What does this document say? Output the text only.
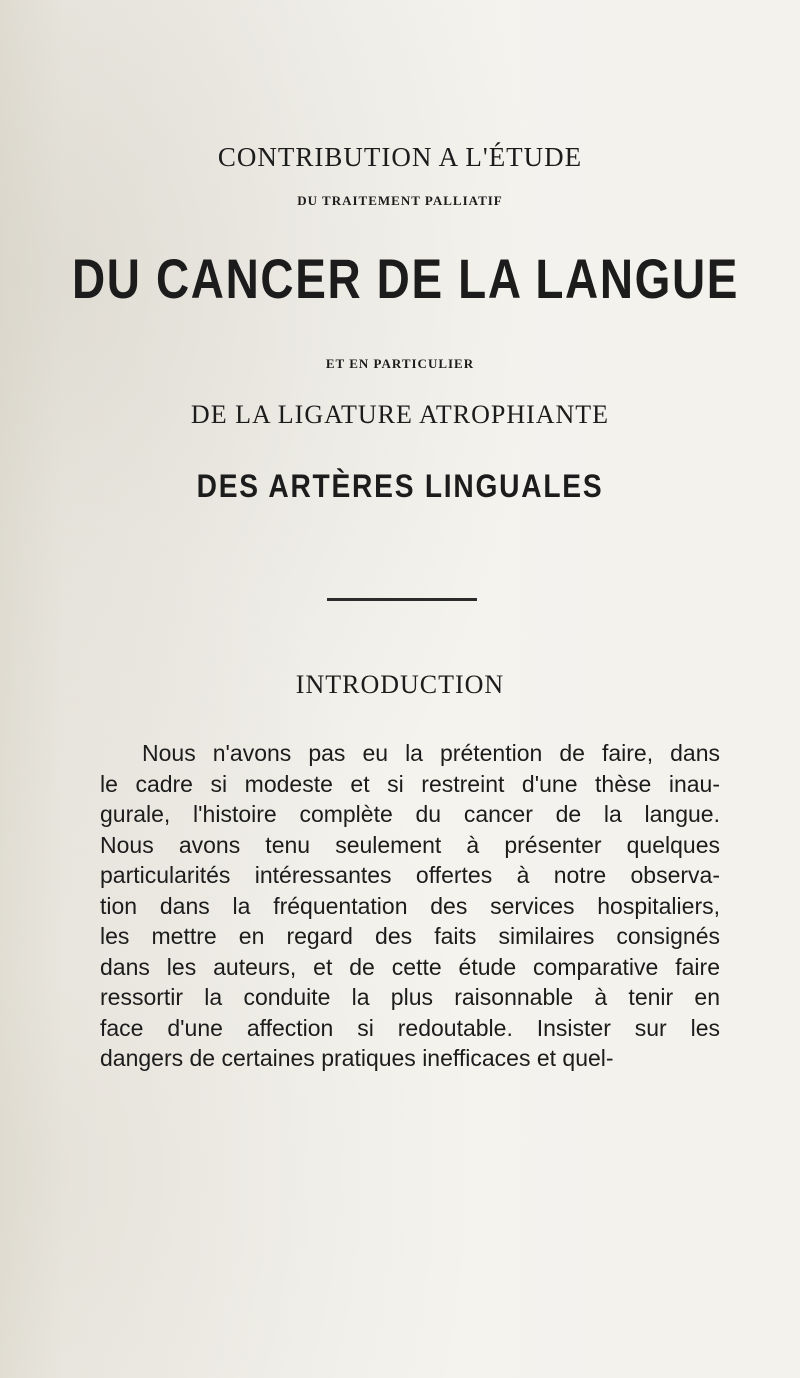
CONTRIBUTION A L'ÉTUDE
DU TRAITEMENT PALLIATIF
DU CANCER DE LA LANGUE
ET EN PARTICULIER
DE LA LIGATURE ATROPHIANTE
DES ARTÈRES LINGUALES
INTRODUCTION
Nous n'avons pas eu la prétention de faire, dans
le cadre si modeste et si restreint d'une thèse inau-
gurale, l'histoire complète du cancer de la langue.
Nous avons tenu seulement à présenter quelques
particularités intéressantes offertes à notre observa-
tion dans la fréquentation des services hospitaliers,
les mettre en regard des faits similaires consignés
dans les auteurs, et de cette étude comparative faire
ressortir la conduite la plus raisonnable à tenir en
face d'une affection si redoutable. Insister sur les
dangers de certaines pratiques inefficaces et quel-
